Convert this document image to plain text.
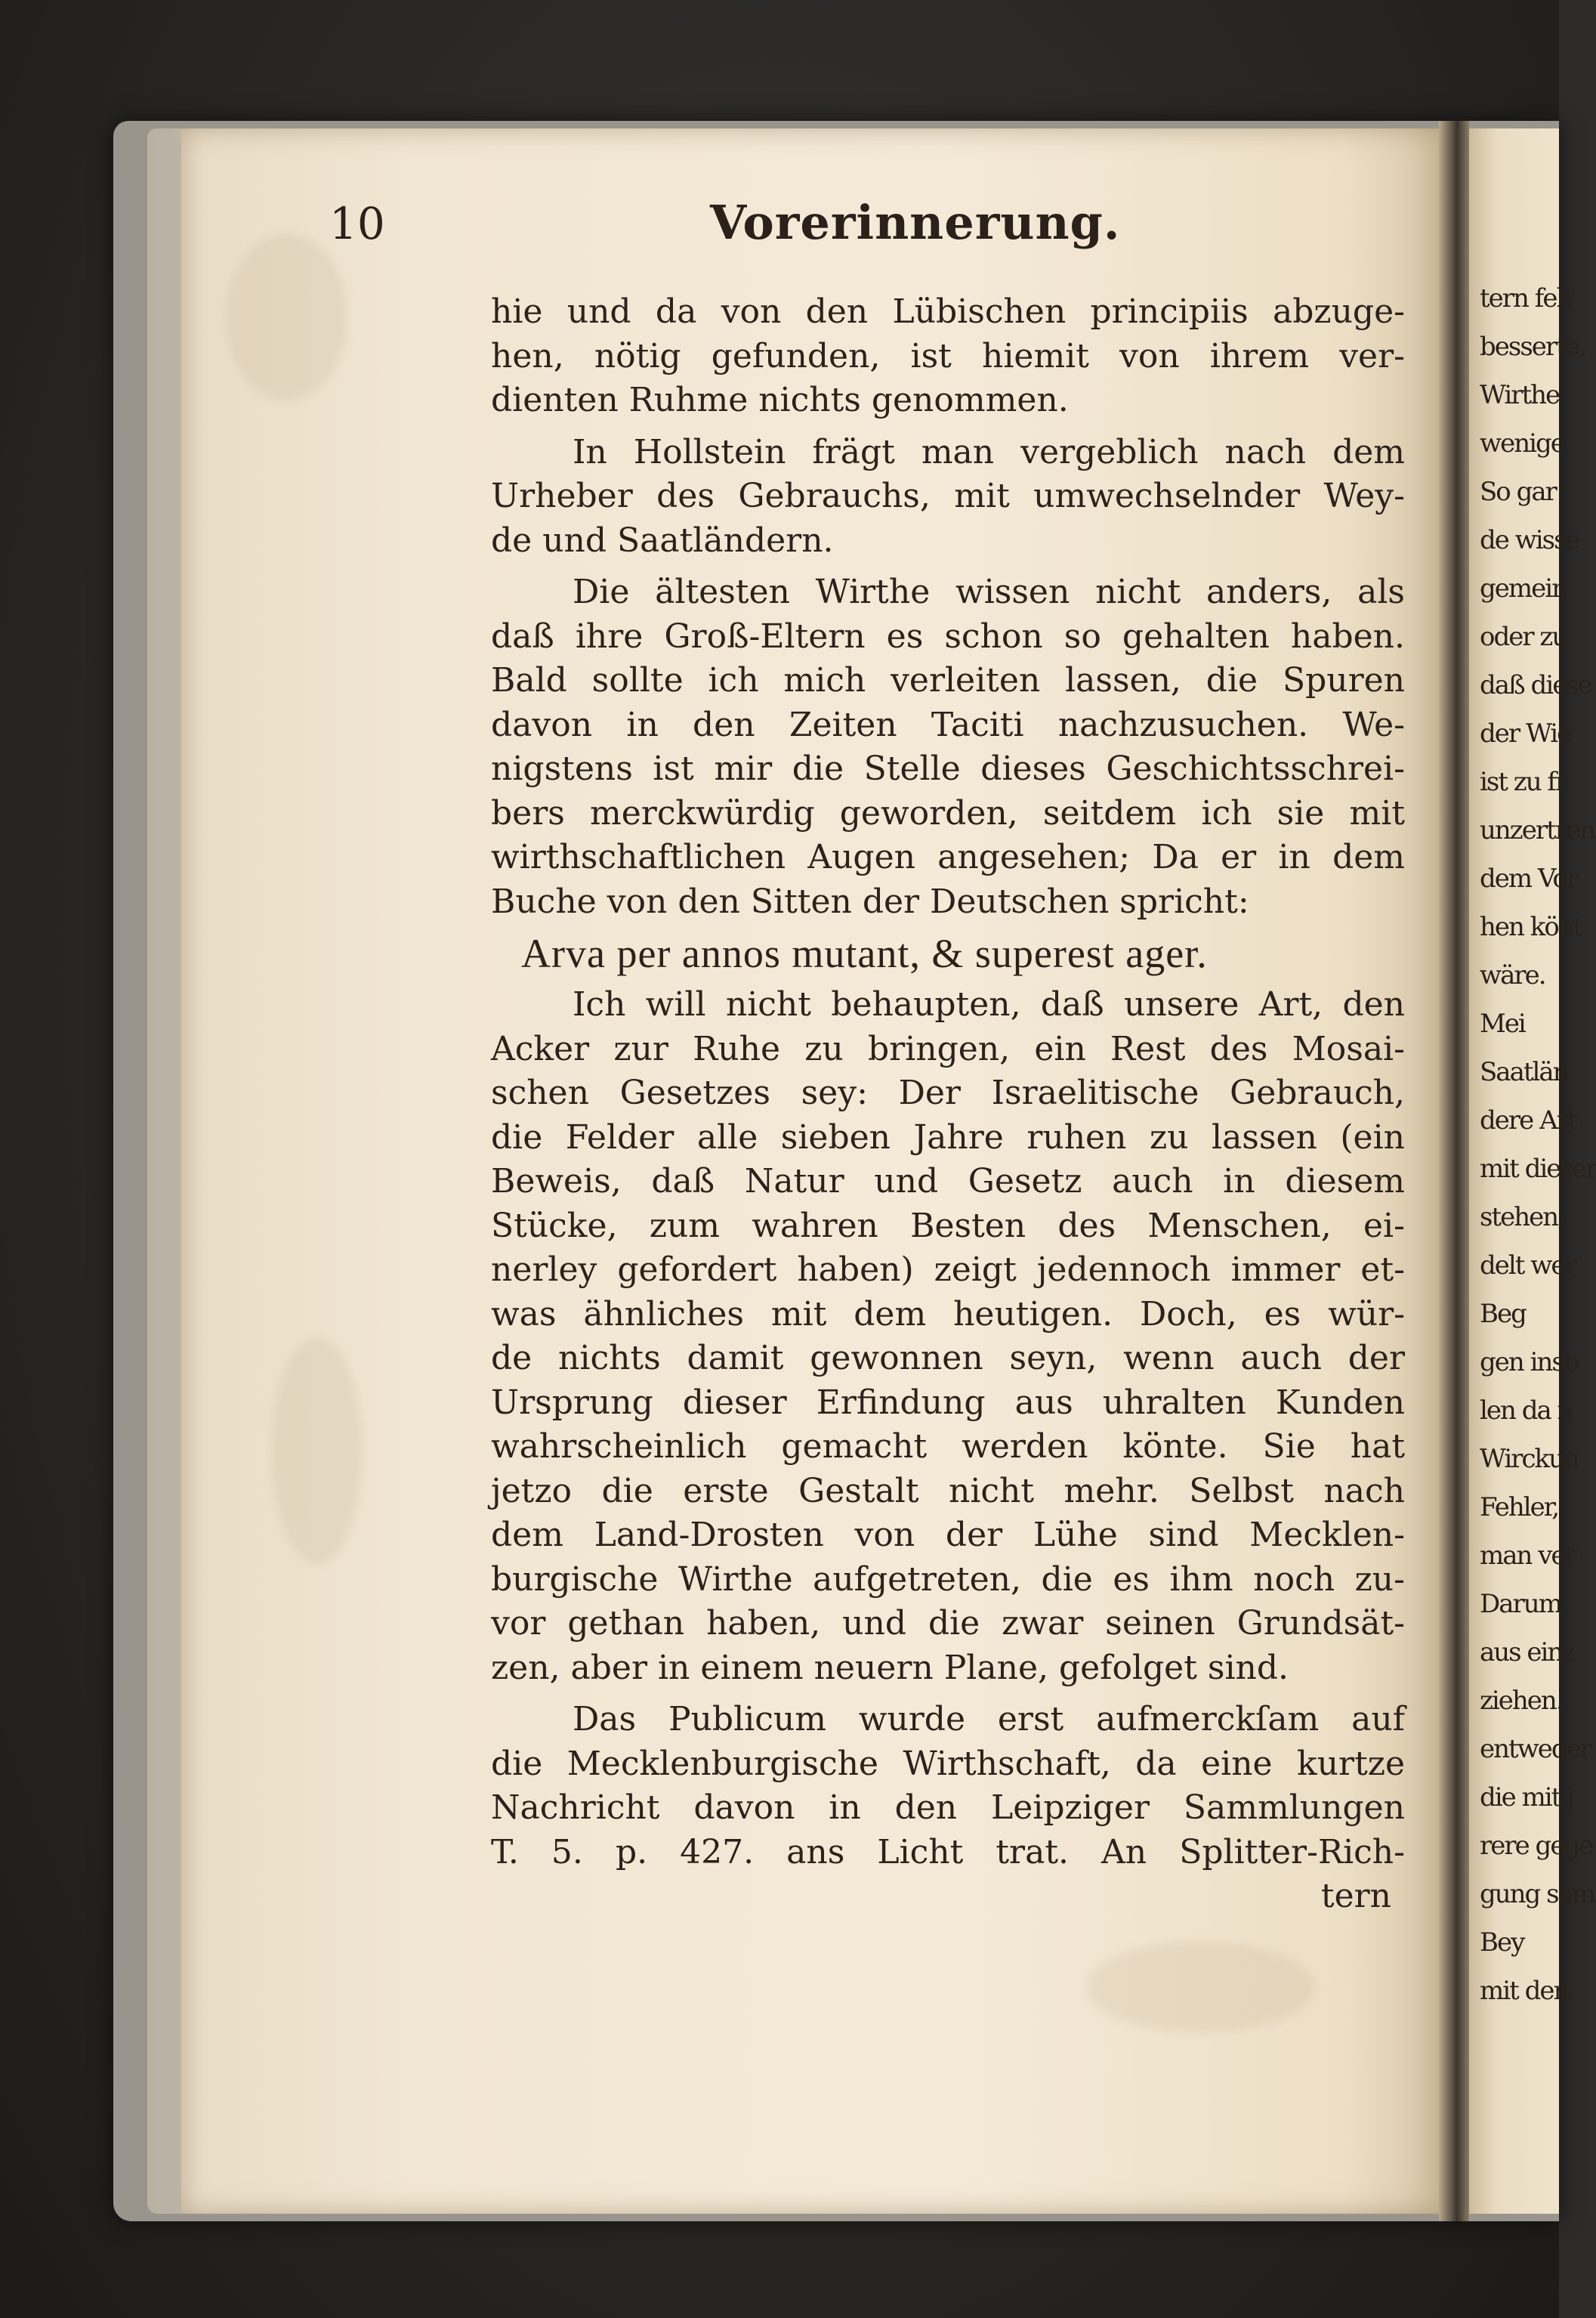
tern feh
besserte,
Wirthe,
wenige
So gar
de wisse
gemein
oder zu
daß diese
der Wie
ist zu fr
unzertren
dem Vor
hen könt
wäre.
Mei
Saatlän
dere Art
mit dieser
stehen;
delt wer
Beg
gen insb
len da n
Wirckun
Fehler,
man ver
Darum
aus einz
ziehen.
entweder
die mit j
rere gege
gung sam
Bey
mit den
10	Vorerinnerung.
hie und da von den Lübischen principiis abzuge-
hen, nötig gefunden, ist hiemit von ihrem ver-
dienten Ruhme nichts genommen.
In Hollstein frägt man vergeblich nach dem
Urheber des Gebrauchs, mit umwechselnder Wey-
de und Saatländern.
Die ältesten Wirthe wissen nicht anders, als
daß ihre Groß-Eltern es schon so gehalten haben.
Bald sollte ich mich verleiten lassen, die Spuren
davon in den Zeiten Taciti nachzusuchen. We-
nigstens ist mir die Stelle dieses Geschichtsschrei-
bers merckwürdig geworden, seitdem ich sie mit
wirthschaftlichen Augen angesehen; Da er in dem
Buche von den Sitten der Deutschen spricht:
Arva per annos mutant, & superest ager.
Ich will nicht behaupten, daß unsere Art, den
Acker zur Ruhe zu bringen, ein Rest des Mosai-
schen Gesetzes sey: Der Israelitische Gebrauch,
die Felder alle sieben Jahre ruhen zu lassen (ein
Beweis, daß Natur und Gesetz auch in diesem
Stücke, zum wahren Besten des Menschen, ei-
nerley gefordert haben) zeigt jedennoch immer et-
was ähnliches mit dem heutigen. Doch, es wür-
de nichts damit gewonnen seyn, wenn auch der
Ursprung dieser Erfindung aus uhralten Kunden
wahrscheinlich gemacht werden könte. Sie hat
jetzo die erste Gestalt nicht mehr. Selbst nach
dem Land-Drosten von der Lühe sind Mecklen-
burgische Wirthe aufgetreten, die es ihm noch zu-
vor gethan haben, und die zwar seinen Grundsät-
zen, aber in einem neuern Plane, gefolget sind.
Das Publicum wurde erst aufmerckſam auf
die Mecklenburgische Wirthschaft, da eine kurtze
Nachricht davon in den Leipziger Sammlungen
T. 5. p. 427. ans Licht trat. An Splitter-Rich-
tern
